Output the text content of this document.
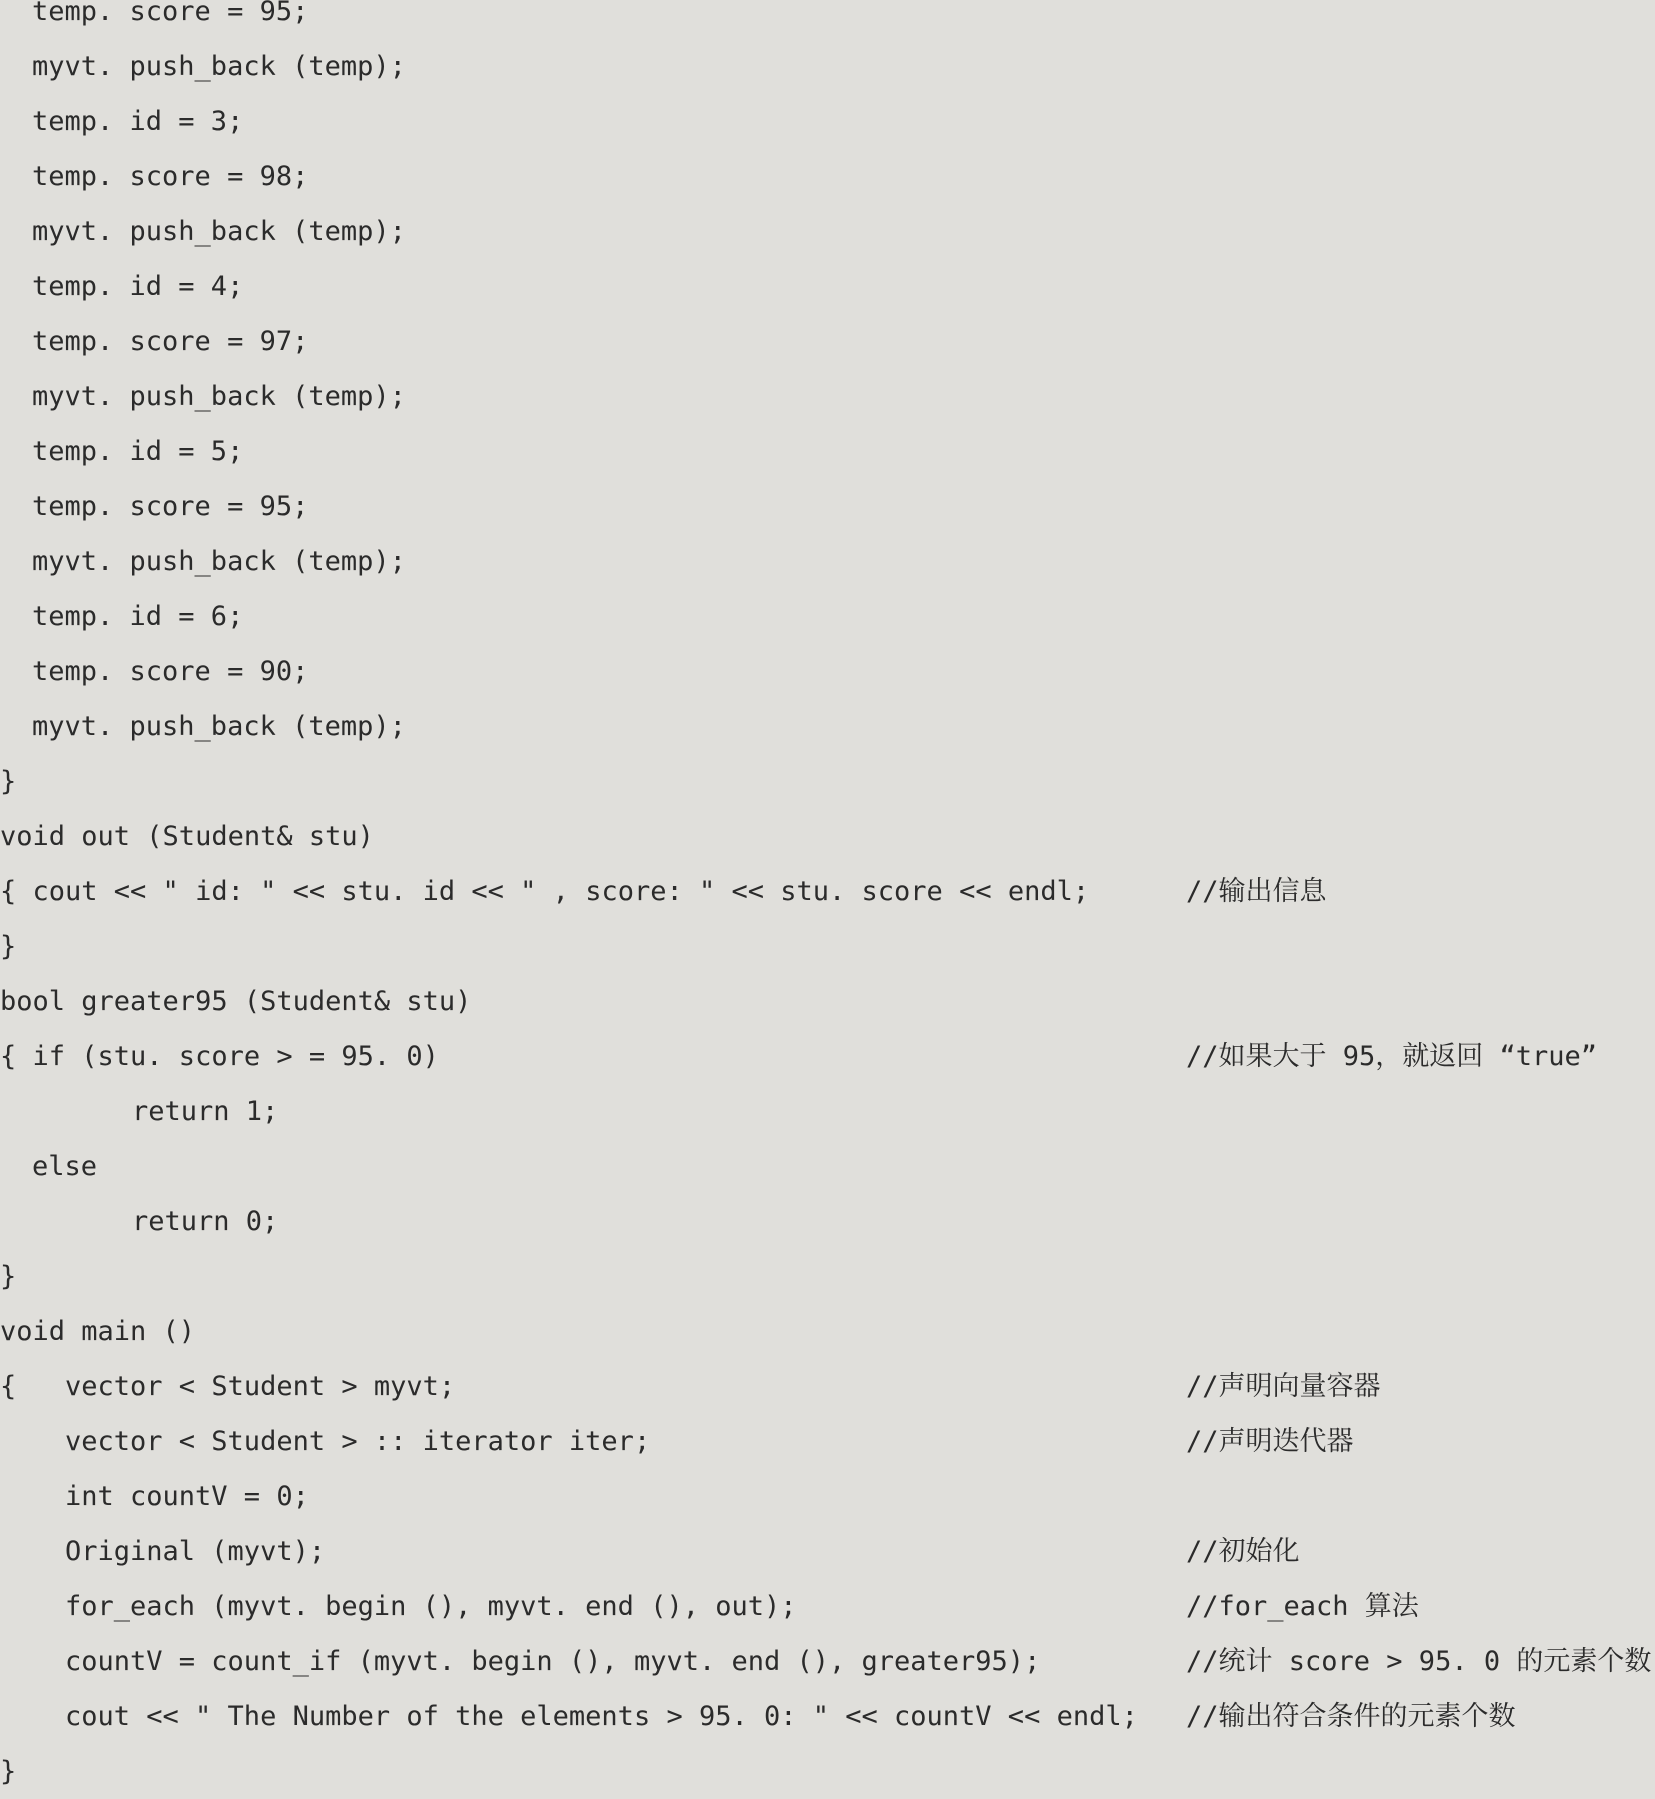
temp. score = 95;
myvt. push_back (temp);
temp. id = 3;
temp. score = 98;
myvt. push_back (temp);
temp. id = 4;
temp. score = 97;
myvt. push_back (temp);
temp. id = 5;
temp. score = 95;
myvt. push_back (temp);
temp. id = 6;
temp. score = 90;
myvt. push_back (temp);
}
void out (Student& stu)
{ cout << " id: " << stu. id << " , score: " << stu. score << endl;	//输出信息
}
bool greater95 (Student& stu)
{ if (stu. score > = 95. 0)	//如果大于 95，就返回 “true”
return 1;
else
return 0;
}
void main ()
{   vector < Student > myvt;	//声明向量容器
vector < Student > :: iterator iter;	//声明迭代器
int countV = 0;
Original (myvt);	//初始化
for_each (myvt. begin (), myvt. end (), out);	//for_each 算法
countV = count_if (myvt. begin (), myvt. end (), greater95);	//统计 score > 95. 0 的元素个数
cout << " The Number of the elements > 95. 0: " << countV << endl; //输出符合条件的元素个数
}
